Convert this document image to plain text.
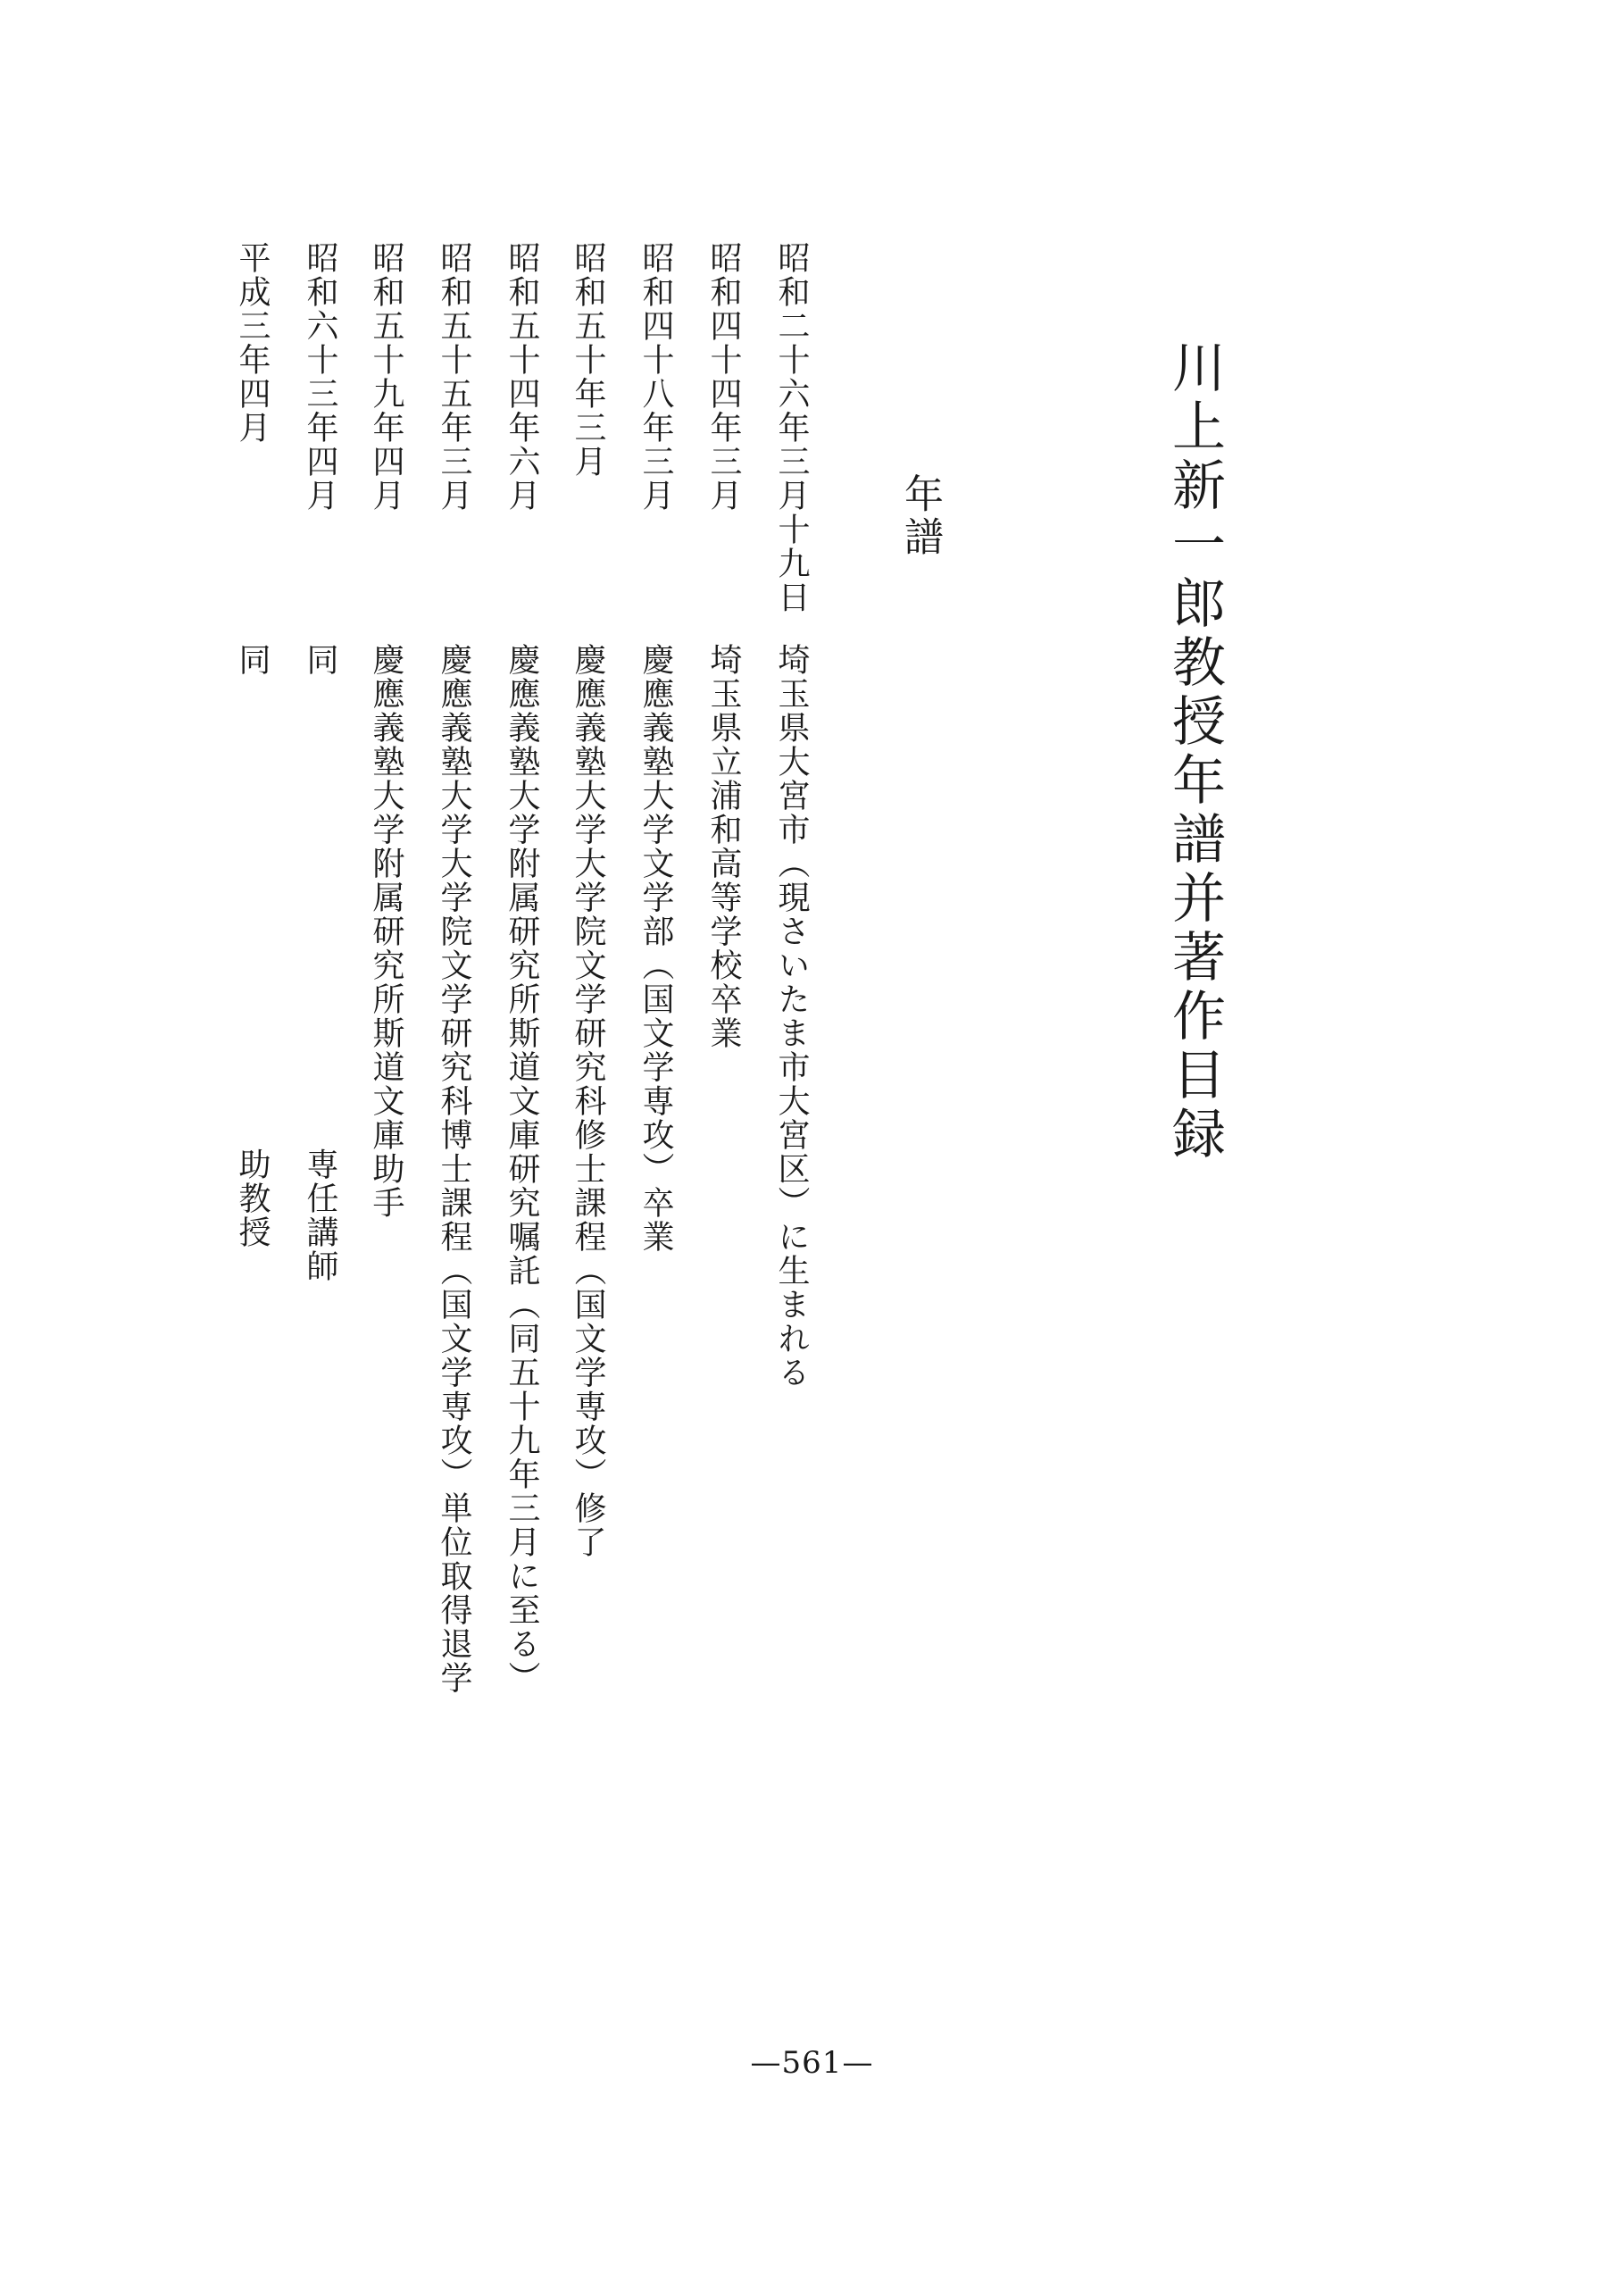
川上新一郎教授年譜并著作目録
年譜
昭和二十六年三月十九日
埼玉県大宮市（現さいたま市大宮区）に生まれる
昭和四十四年三月
埼玉県立浦和高等学校卒業
昭和四十八年三月
慶應義塾大学文学部（国文学専攻）卒業
昭和五十年三月
慶應義塾大学大学院文学研究科修士課程（国文学専攻）修了
昭和五十四年六月
慶應義塾大学附属研究所斯道文庫研究嘱託（同五十九年三月に至る）
昭和五十五年三月
慶應義塾大学大学院文学研究科博士課程（国文学専攻）単位取得退学
昭和五十九年四月
慶應義塾大学附属研究所斯道文庫助手
昭和六十三年四月
同
専任講師
平成三年四月
同
助教授
—561—
